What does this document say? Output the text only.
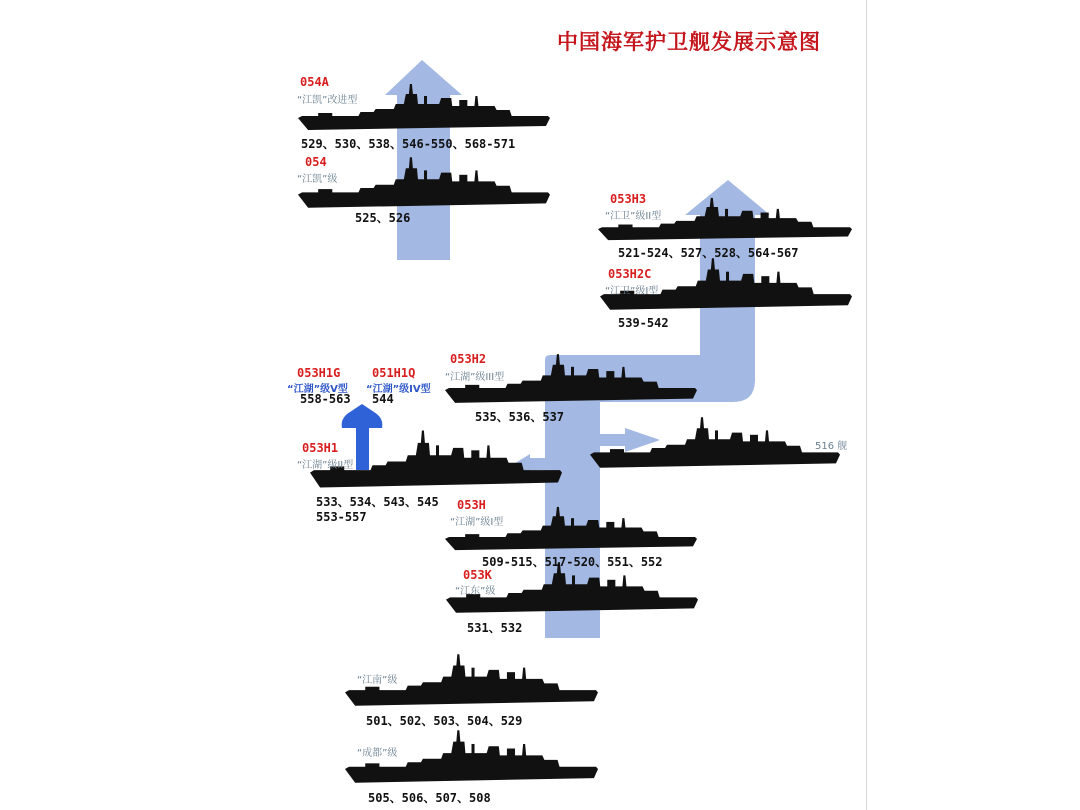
中国海军护卫舰发展示意图
054A
“江凯”改进型
529、530、538、546-550、568-571
054
“江凯”级
525、526
053H3
“江卫”级II型
521-524、527、528、564-567
053H2C
“江卫”级I型
539-542
053H2
“江湖”级III型
535、536、537
053H1G
“江湖”级V型
558-563
051H1Q
“江湖”级IV型
544
516 舰
053H1
“江湖”级II型
533、534、543、545
553-557
053H
“江湖”级I型
509-515、517-520、551、552
053K
“江东”级
531、532
“江南”级
501、502、503、504、529
“成都”级
505、506、507、508
